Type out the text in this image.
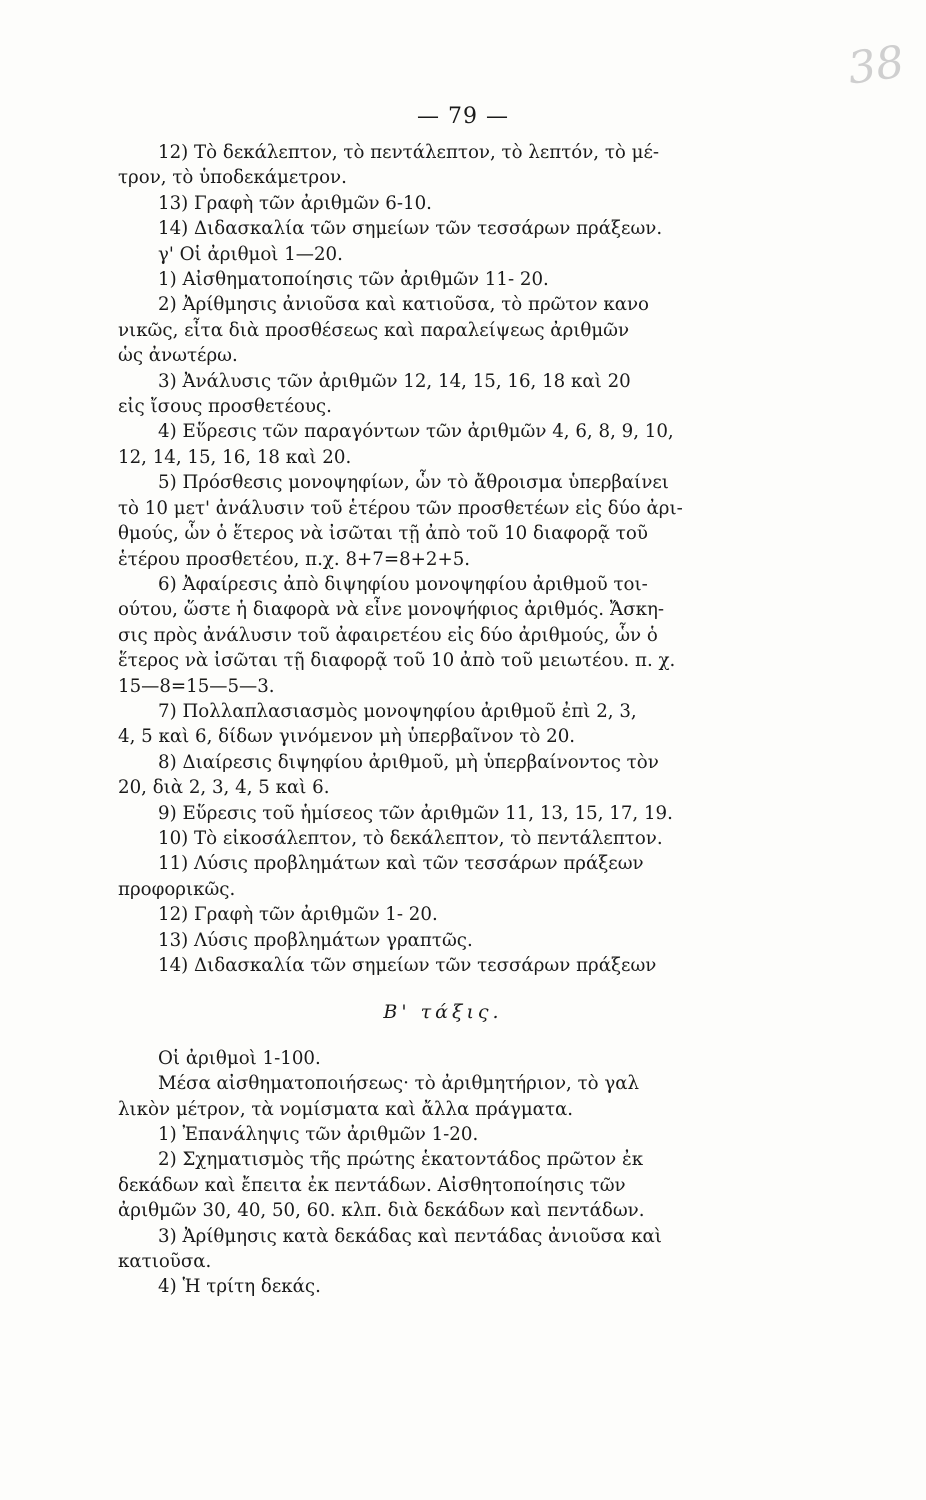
38
— 79 —
12) Τὸ δεκάλεπτον, τὸ πεντάλεπτον, τὸ λεπτόν, τὸ μέ-
τρον, τὸ ὑποδεκάμετρον.
13) Γραφὴ τῶν ἀριθμῶν 6-10.
14) Διδασκαλία τῶν σημείων τῶν τεσσάρων πράξεων.
γ' Οἱ ἀριθμοὶ 1—20.
1) Αἰσθηματοποίησις τῶν ἀριθμῶν 11- 20.
2) Ἀρίθμησις ἀνιοῦσα καὶ κατιοῦσα, τὸ πρῶτον κανο
νικῶς, εἶτα διὰ προσθέσεως καὶ παραλείψεως ἀριθμῶν
ὡς ἀνωτέρω.
3) Ἀνάλυσις τῶν ἀριθμῶν 12, 14, 15, 16, 18 καὶ 20
εἰς ἴσους προσθετέους.
4) Εὕρεσις τῶν παραγόντων τῶν ἀριθμῶν 4, 6, 8, 9, 10,
12, 14, 15, 16, 18 καὶ 20.
5) Πρόσθεσις μονοψηφίων, ὧν τὸ ἄθροισμα ὑπερβαίνει
τὸ 10 μετ' ἀνάλυσιν τοῦ ἑτέρου τῶν προσθετέων εἰς δύο ἀρι-
θμούς, ὧν ὁ ἕτερος νὰ ἰσῶται τῇ ἀπὸ τοῦ 10 διαφορᾷ τοῦ
ἑτέρου προσθετέου, π.χ. 8+7=8+2+5.
6) Ἀφαίρεσις ἀπὸ διψηφίου μονοψηφίου ἀριθμοῦ τοι-
ούτου, ὥστε ἡ διαφορὰ νὰ εἶνε μονοψήφιος ἀριθμός. Ἄσκη-
σις πρὸς ἀνάλυσιν τοῦ ἀφαιρετέου εἰς δύο ἀριθμούς, ὧν ὁ
ἕτερος νὰ ἰσῶται τῇ διαφορᾷ τοῦ 10 ἀπὸ τοῦ μειωτέου. π. χ.
15—8=15—5—3.
7) Πολλαπλασιασμὸς μονοψηφίου ἀριθμοῦ ἐπὶ 2, 3,
4, 5 καὶ 6, δίδων γινόμενον μὴ ὑπερβαῖνον τὸ 20.
8) Διαίρεσις διψηφίου ἀριθμοῦ, μὴ ὑπερβαίνοντος τὸν
20, διὰ 2, 3, 4, 5 καὶ 6.
9) Εὕρεσις τοῦ ἡμίσεος τῶν ἀριθμῶν 11, 13, 15, 17, 19.
10) Τὸ εἰκοσάλεπτον, τὸ δεκάλεπτον, τὸ πεντάλεπτον.
11) Λύσις προβλημάτων καὶ τῶν τεσσάρων πράξεων
προφορικῶς.
12) Γραφὴ τῶν ἀριθμῶν 1- 20.
13) Λύσις προβλημάτων γραπτῶς.
14) Διδασκαλία τῶν σημείων τῶν τεσσάρων πράξεων
Β' τάξις.
Οἱ ἀριθμοὶ 1-100.
Μέσα αἰσθηματοποιήσεως· τὸ ἀριθμητήριον, τὸ γαλ
λικὸν μέτρον, τὰ νομίσματα καὶ ἄλλα πράγματα.
1) Ἐπανάληψις τῶν ἀριθμῶν 1-20.
2) Σχηματισμὸς τῆς πρώτης ἑκατοντάδος πρῶτον ἐκ
δεκάδων καὶ ἔπειτα ἐκ πεντάδων. Αἰσθητοποίησις τῶν
ἀριθμῶν 30, 40, 50, 60. κλπ. διὰ δεκάδων καὶ πεντάδων.
3) Ἀρίθμησις κατὰ δεκάδας καὶ πεντάδας ἀνιοῦσα καὶ
κατιοῦσα.
4) Ἡ τρίτη δεκάς.
